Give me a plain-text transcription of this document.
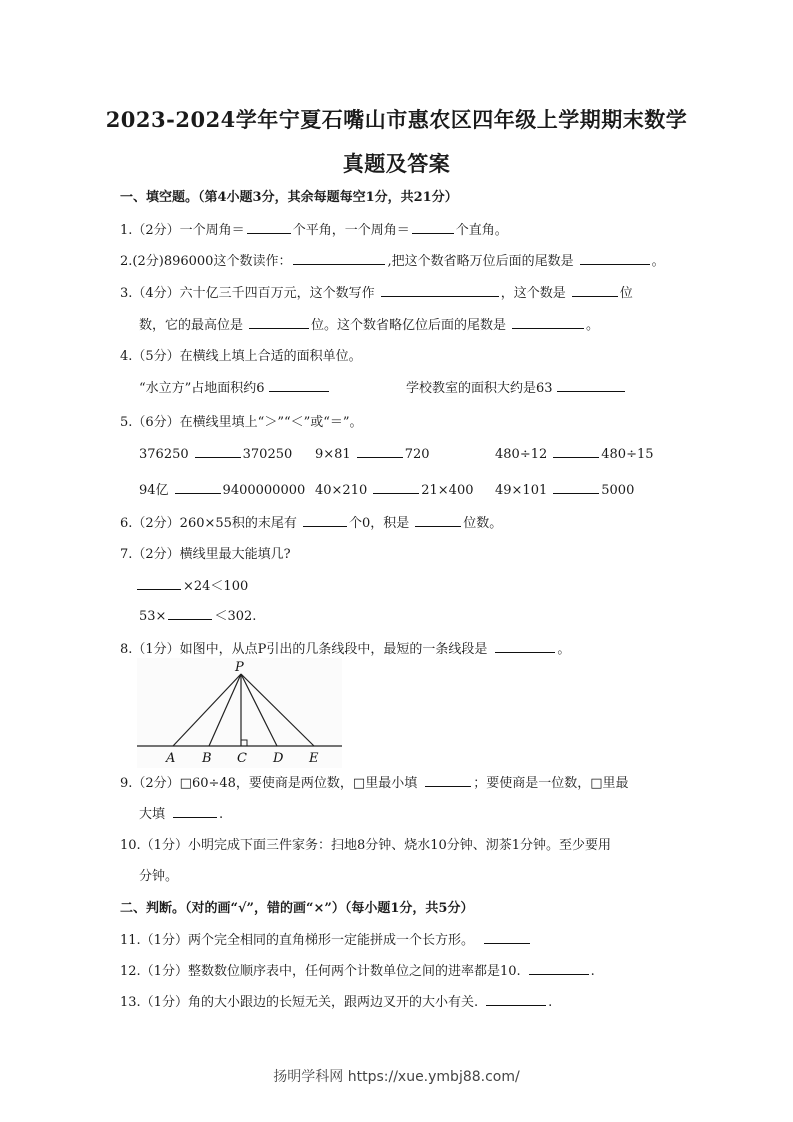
2023-2024学年宁夏石嘴山市惠农区四年级上学期期末数学
真题及答案
一、填空题。（第4小题3分，其余每题每空1分，共21分）
1.（2分）一个周角＝	个平角，一个周角＝	个直角。
2.(2分)896000这个数读作：	,把这个数省略万位后面的尾数是	。
3.（4分）六十亿三千四百万元，这个数写作	，这个数是	位
数，它的最高位是	位。这个数省略亿位后面的尾数是	。
4.（5分）在横线上填上合适的面积单位。
“水立方”占地面积约6	学校教室的面积大约是63
5.（6分）在横线里填上“＞”“＜”或“＝”。
376250	370250 9×81	720	480÷12	480÷15
94亿	9400000000 40×210	21×400 49×101	5000
6.（2分）260×55积的末尾有	个0，积是	位数。
7.（2分）横线里最大能填几?
×24＜100
53×	＜302.
8.（1分）如图中，从点P引出的几条线段中，最短的一条线段是	。
P
A B C D E
9.（2分）□60÷48，要使商是两位数，□里最小填	；要使商是一位数，□里最
大填	.
10.（1分）小明完成下面三件家务：扫地8分钟、烧水10分钟、沏茶1分钟。至少要用
分钟。
二、判断。（对的画“√”，错的画“×”）（每小题1分，共5分）
11.（1分）两个完全相同的直角梯形一定能拼成一个长方形。
12.（1分）整数数位顺序表中，任何两个计数单位之间的进率都是10.	.
13.（1分）角的大小跟边的长短无关，跟两边叉开的大小有关.	.
扬明学科网 https://xue.ymbj88.com/
